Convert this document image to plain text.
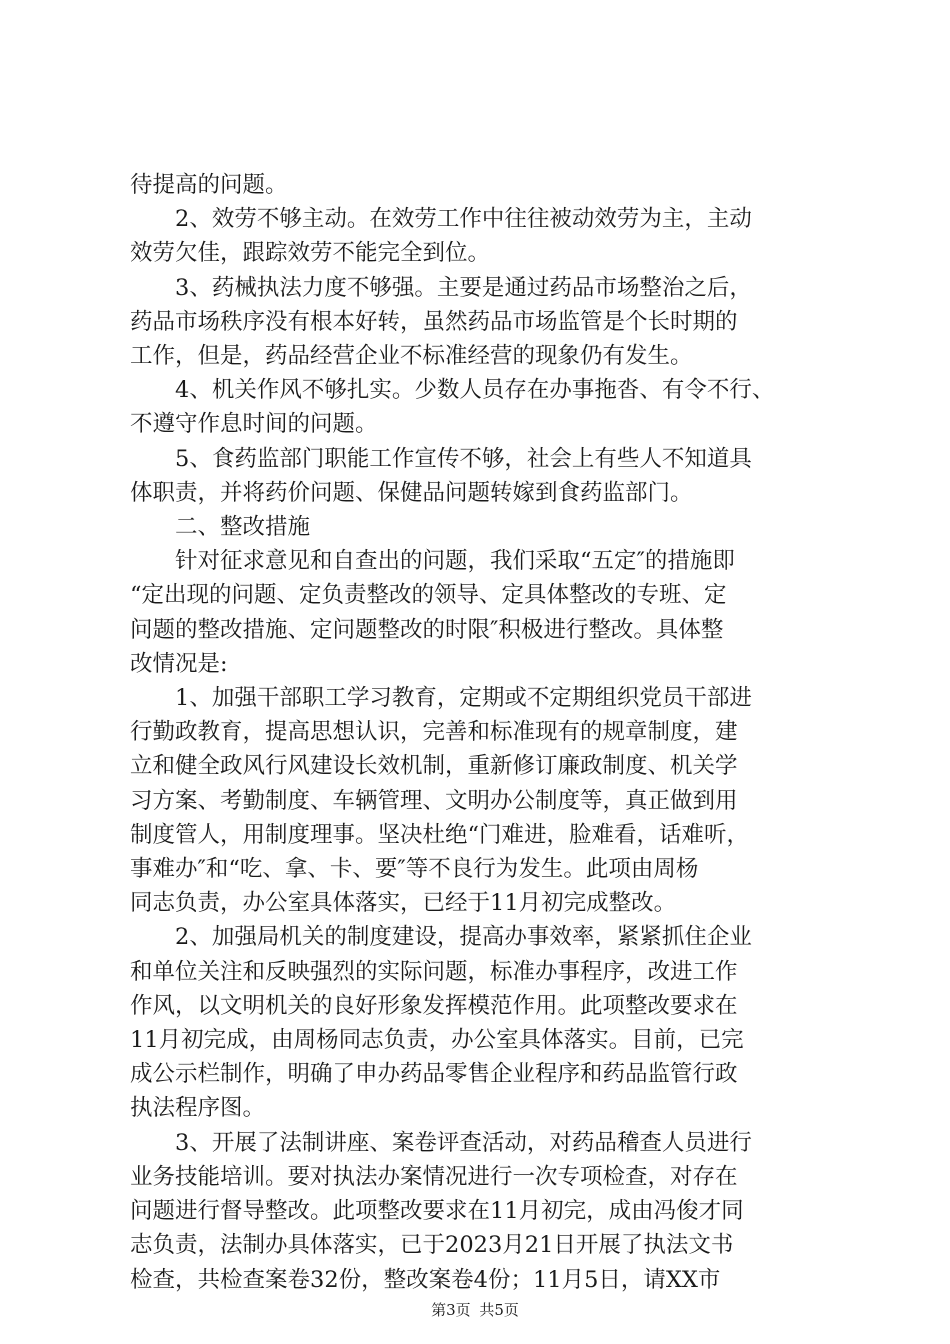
待提高的问题。

2、效劳不够主动。在效劳工作中往往被动效劳为主，主动

效劳欠佳，跟踪效劳不能完全到位。

3、药械执法力度不够强。主要是通过药品市场整治之后，

药品市场秩序没有根本好转，虽然药品市场监管是个长时期的

工作，但是，药品经营企业不标准经营的现象仍有发生。

4、机关作风不够扎实。少数人员存在办事拖沓、有令不行、

不遵守作息时间的问题。

5、食药监部门职能工作宣传不够，社会上有些人不知道具

体职责，并将药价问题、保健品问题转嫁到食药监部门。

二、整改措施

针对征求意见和自查出的问题，我们采取“五定″的措施即

“定出现的问题、定负责整改的领导、定具体整改的专班、定

问题的整改措施、定问题整改的时限″积极进行整改。具体整

改情况是:

1、加强干部职工学习教育，定期或不定期组织党员干部进

行勤政教育，提高思想认识，完善和标准现有的规章制度，建

立和健全政风行风建设长效机制，重新修订廉政制度、机关学

习方案、考勤制度、车辆管理、文明办公制度等，真正做到用

制度管人，用制度理事。坚决杜绝“门难进，脸难看，话难听，

事难办″和“吃、拿、卡、要″等不良行为发生。此项由周杨

同志负责，办公室具体落实，已经于11月初完成整改。

2、加强局机关的制度建设，提高办事效率，紧紧抓住企业

和单位关注和反映强烈的实际问题，标准办事程序，改进工作

作风，以文明机关的良好形象发挥模范作用。此项整改要求在

11月初完成，由周杨同志负责，办公室具体落实。目前，已完

成公示栏制作，明确了申办药品零售企业程序和药品监管行政

执法程序图。

3、开展了法制讲座、案卷评查活动，对药品稽查人员进行

业务技能培训。要对执法办案情况进行一次专项检查，对存在

问题进行督导整改。此项整改要求在11月初完，成由冯俊才同

志负责，法制办具体落实，已于2023月21日开展了执法文书

检查，共检查案卷32份，整改案卷4份；11月5日，请XX市

第3页 共5页
